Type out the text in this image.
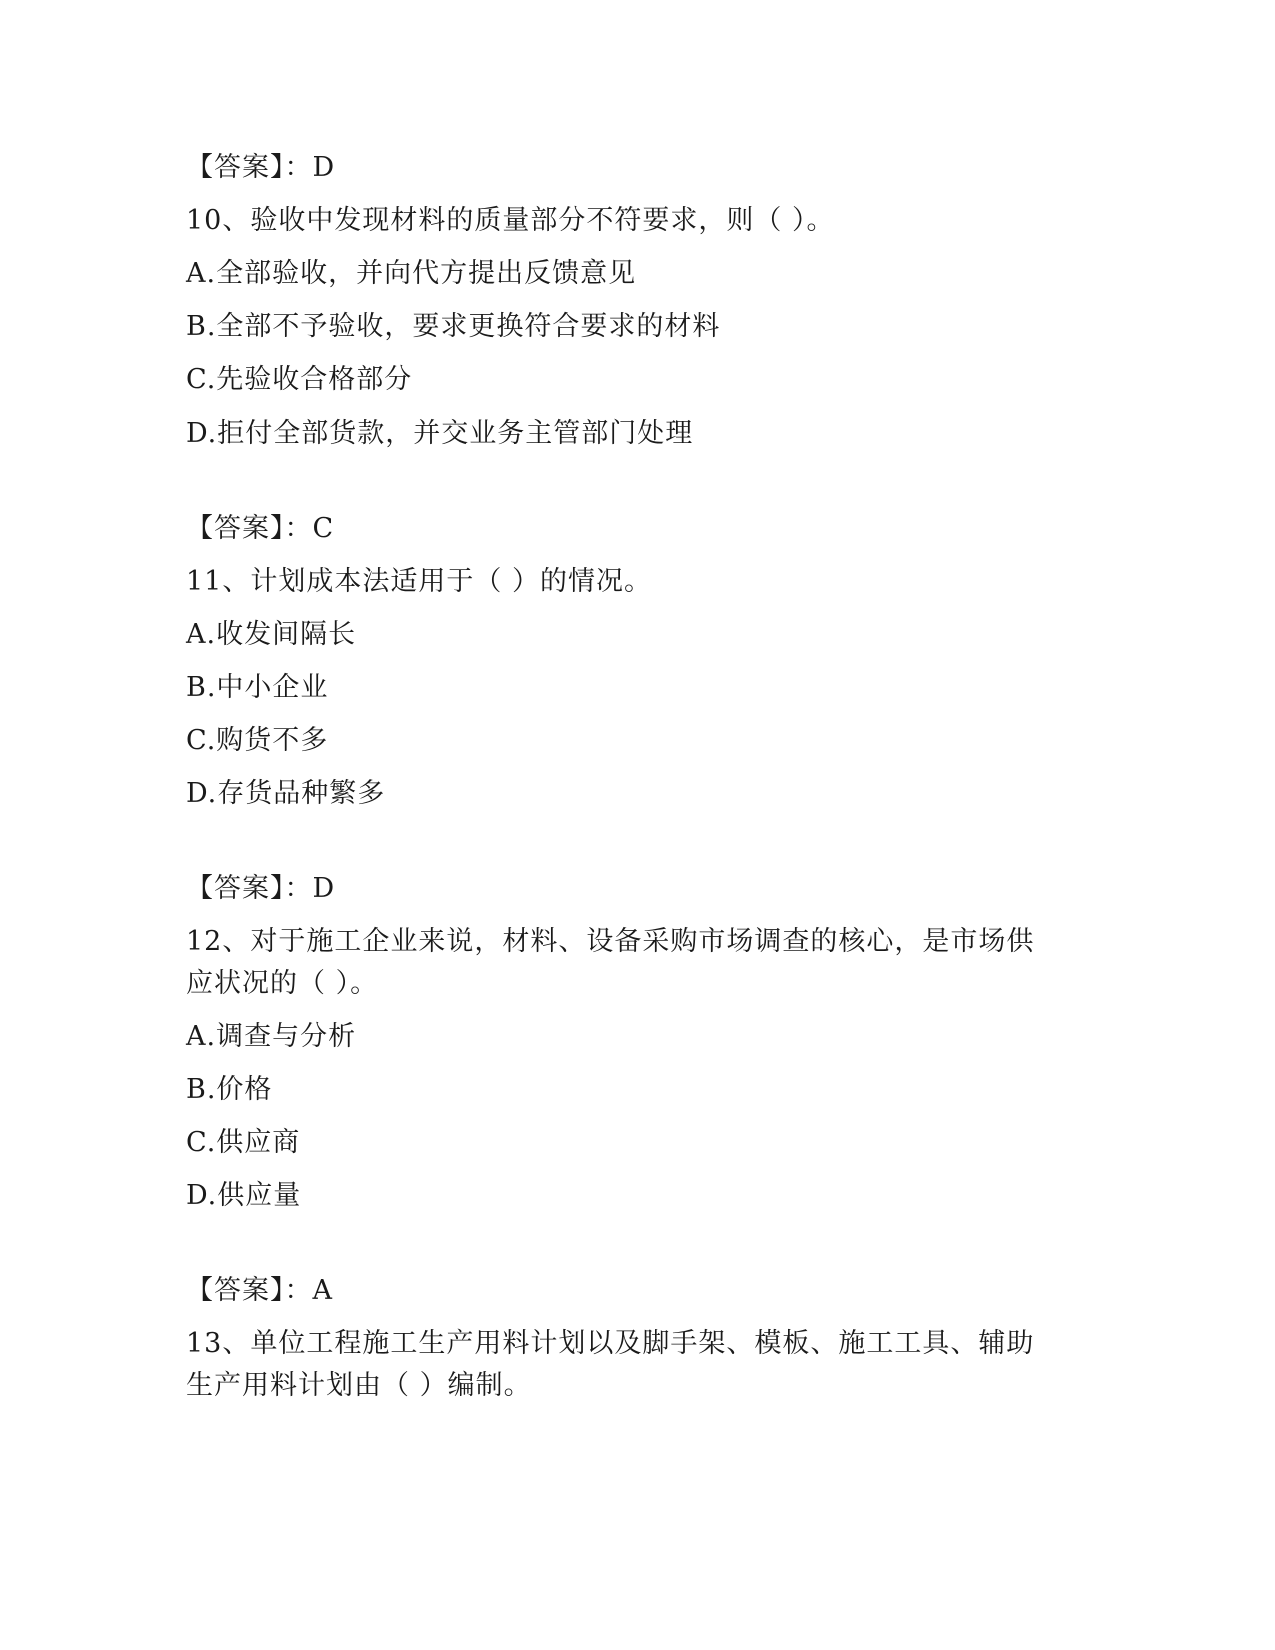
【答案】：D
10、验收中发现材料的质量部分不符要求，则（ ）。
A.全部验收，并向代方提出反馈意见
B.全部不予验收，要求更换符合要求的材料
C.先验收合格部分
D.拒付全部货款，并交业务主管部门处理
【答案】：C
11、计划成本法适用于（ ）的情况。
A.收发间隔长
B.中小企业
C.购货不多
D.存货品种繁多
【答案】：D
12、对于施工企业来说，材料、设备采购市场调查的核心，是市场供
应状况的（ ）。
A.调查与分析
B.价格
C.供应商
D.供应量
【答案】：A
13、单位工程施工生产用料计划以及脚手架、模板、施工工具、辅助
生产用料计划由（ ）编制。
